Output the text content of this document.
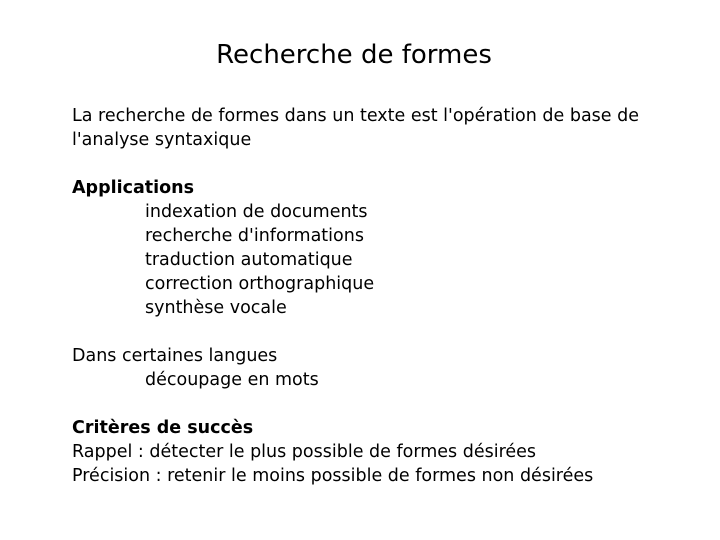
Recherche de formes

La recherche de formes dans un texte est l'opération de base de l'analyse syntaxique

Applications

indexation de documents

recherche d'informations

traduction automatique

correction orthographique

synthèse vocale

Dans certaines langues

découpage en mots

Critères de succès

Rappel : détecter le plus possible de formes désirées

Précision : retenir le moins possible de formes non désirées
